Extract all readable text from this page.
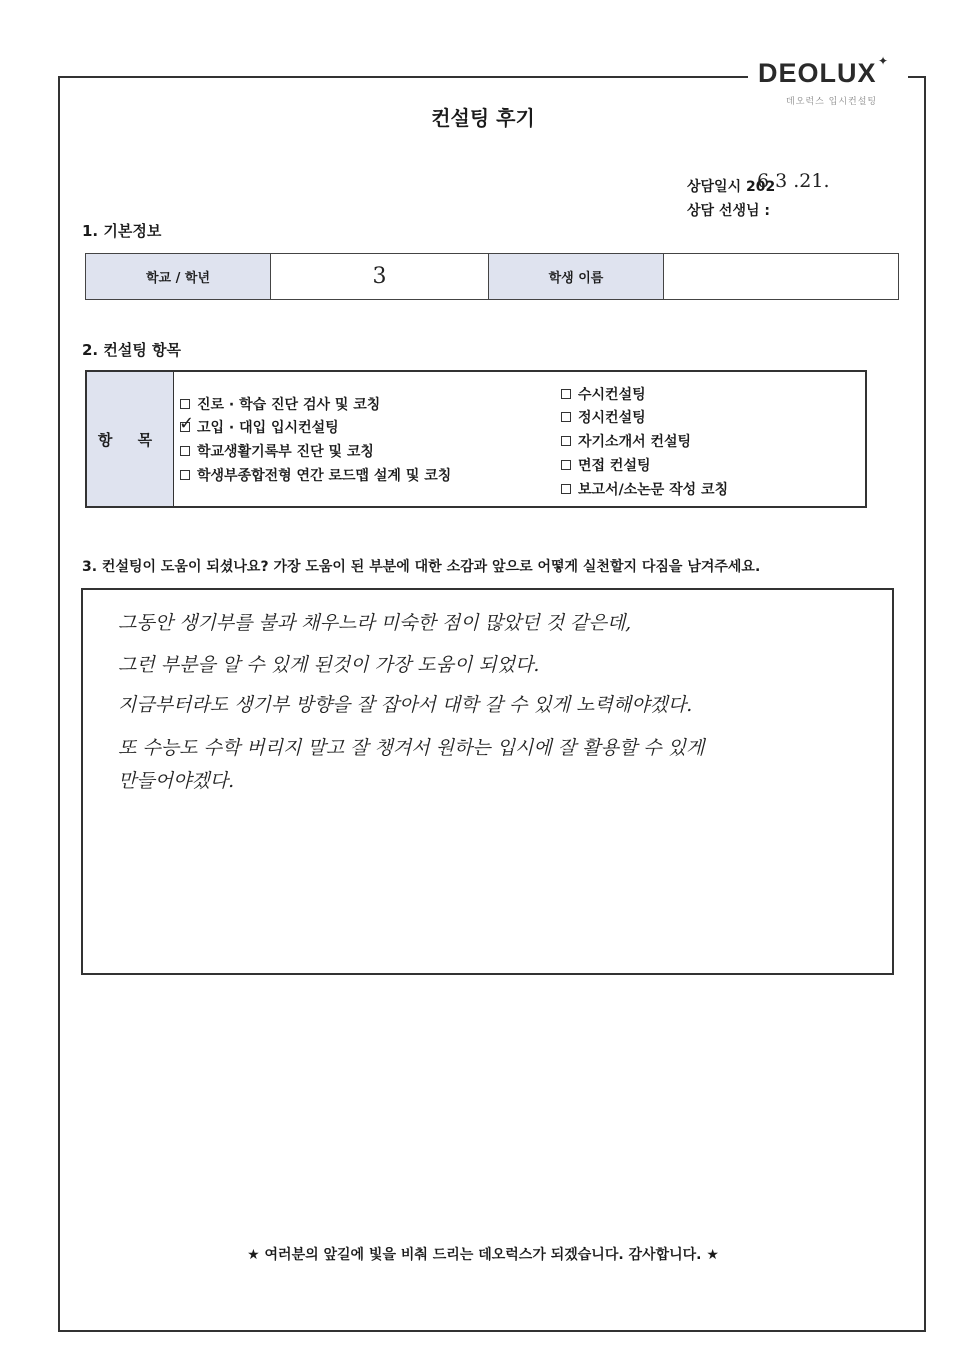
DEOLUX ✦
데오럭스 입시컨설팅
컨설팅 후기
상담일시 202
6 3 .21.
상담 선생님 :
1. 기본정보
학교 / 학년	3	학생 이름	
2. 컨설팅 항목
항 목
진로 · 학습 진단 검사 및 코칭
✓ 고입 · 대입 입시컨설팅
학교생활기록부 진단 및 코칭
학생부종합전형 연간 로드맵 설계 및 코칭
수시컨설팅
정시컨설팅
자기소개서 컨설팅
면접 컨설팅
보고서/소논문 작성 코칭
3. 컨설팅이 도움이 되셨나요? 가장 도움이 된 부분에 대한 소감과 앞으로 어떻게 실천할지 다짐을 남겨주세요.
그동안 생기부를 불과 채우느라 미숙한 점이 많았던 것 같은데,
그런 부분을 알 수 있게 된것이 가장 도움이 되었다.
지금부터라도 생기부 방향을 잘 잡아서 대학 갈 수 있게 노력해야겠다.
또 수능도 수학 버리지 말고 잘 챙겨서 원하는 입시에 잘 활용할 수 있게
만들어야겠다.
★ 여러분의 앞길에 빛을 비춰 드리는 데오럭스가 되겠습니다. 감사합니다. ★
